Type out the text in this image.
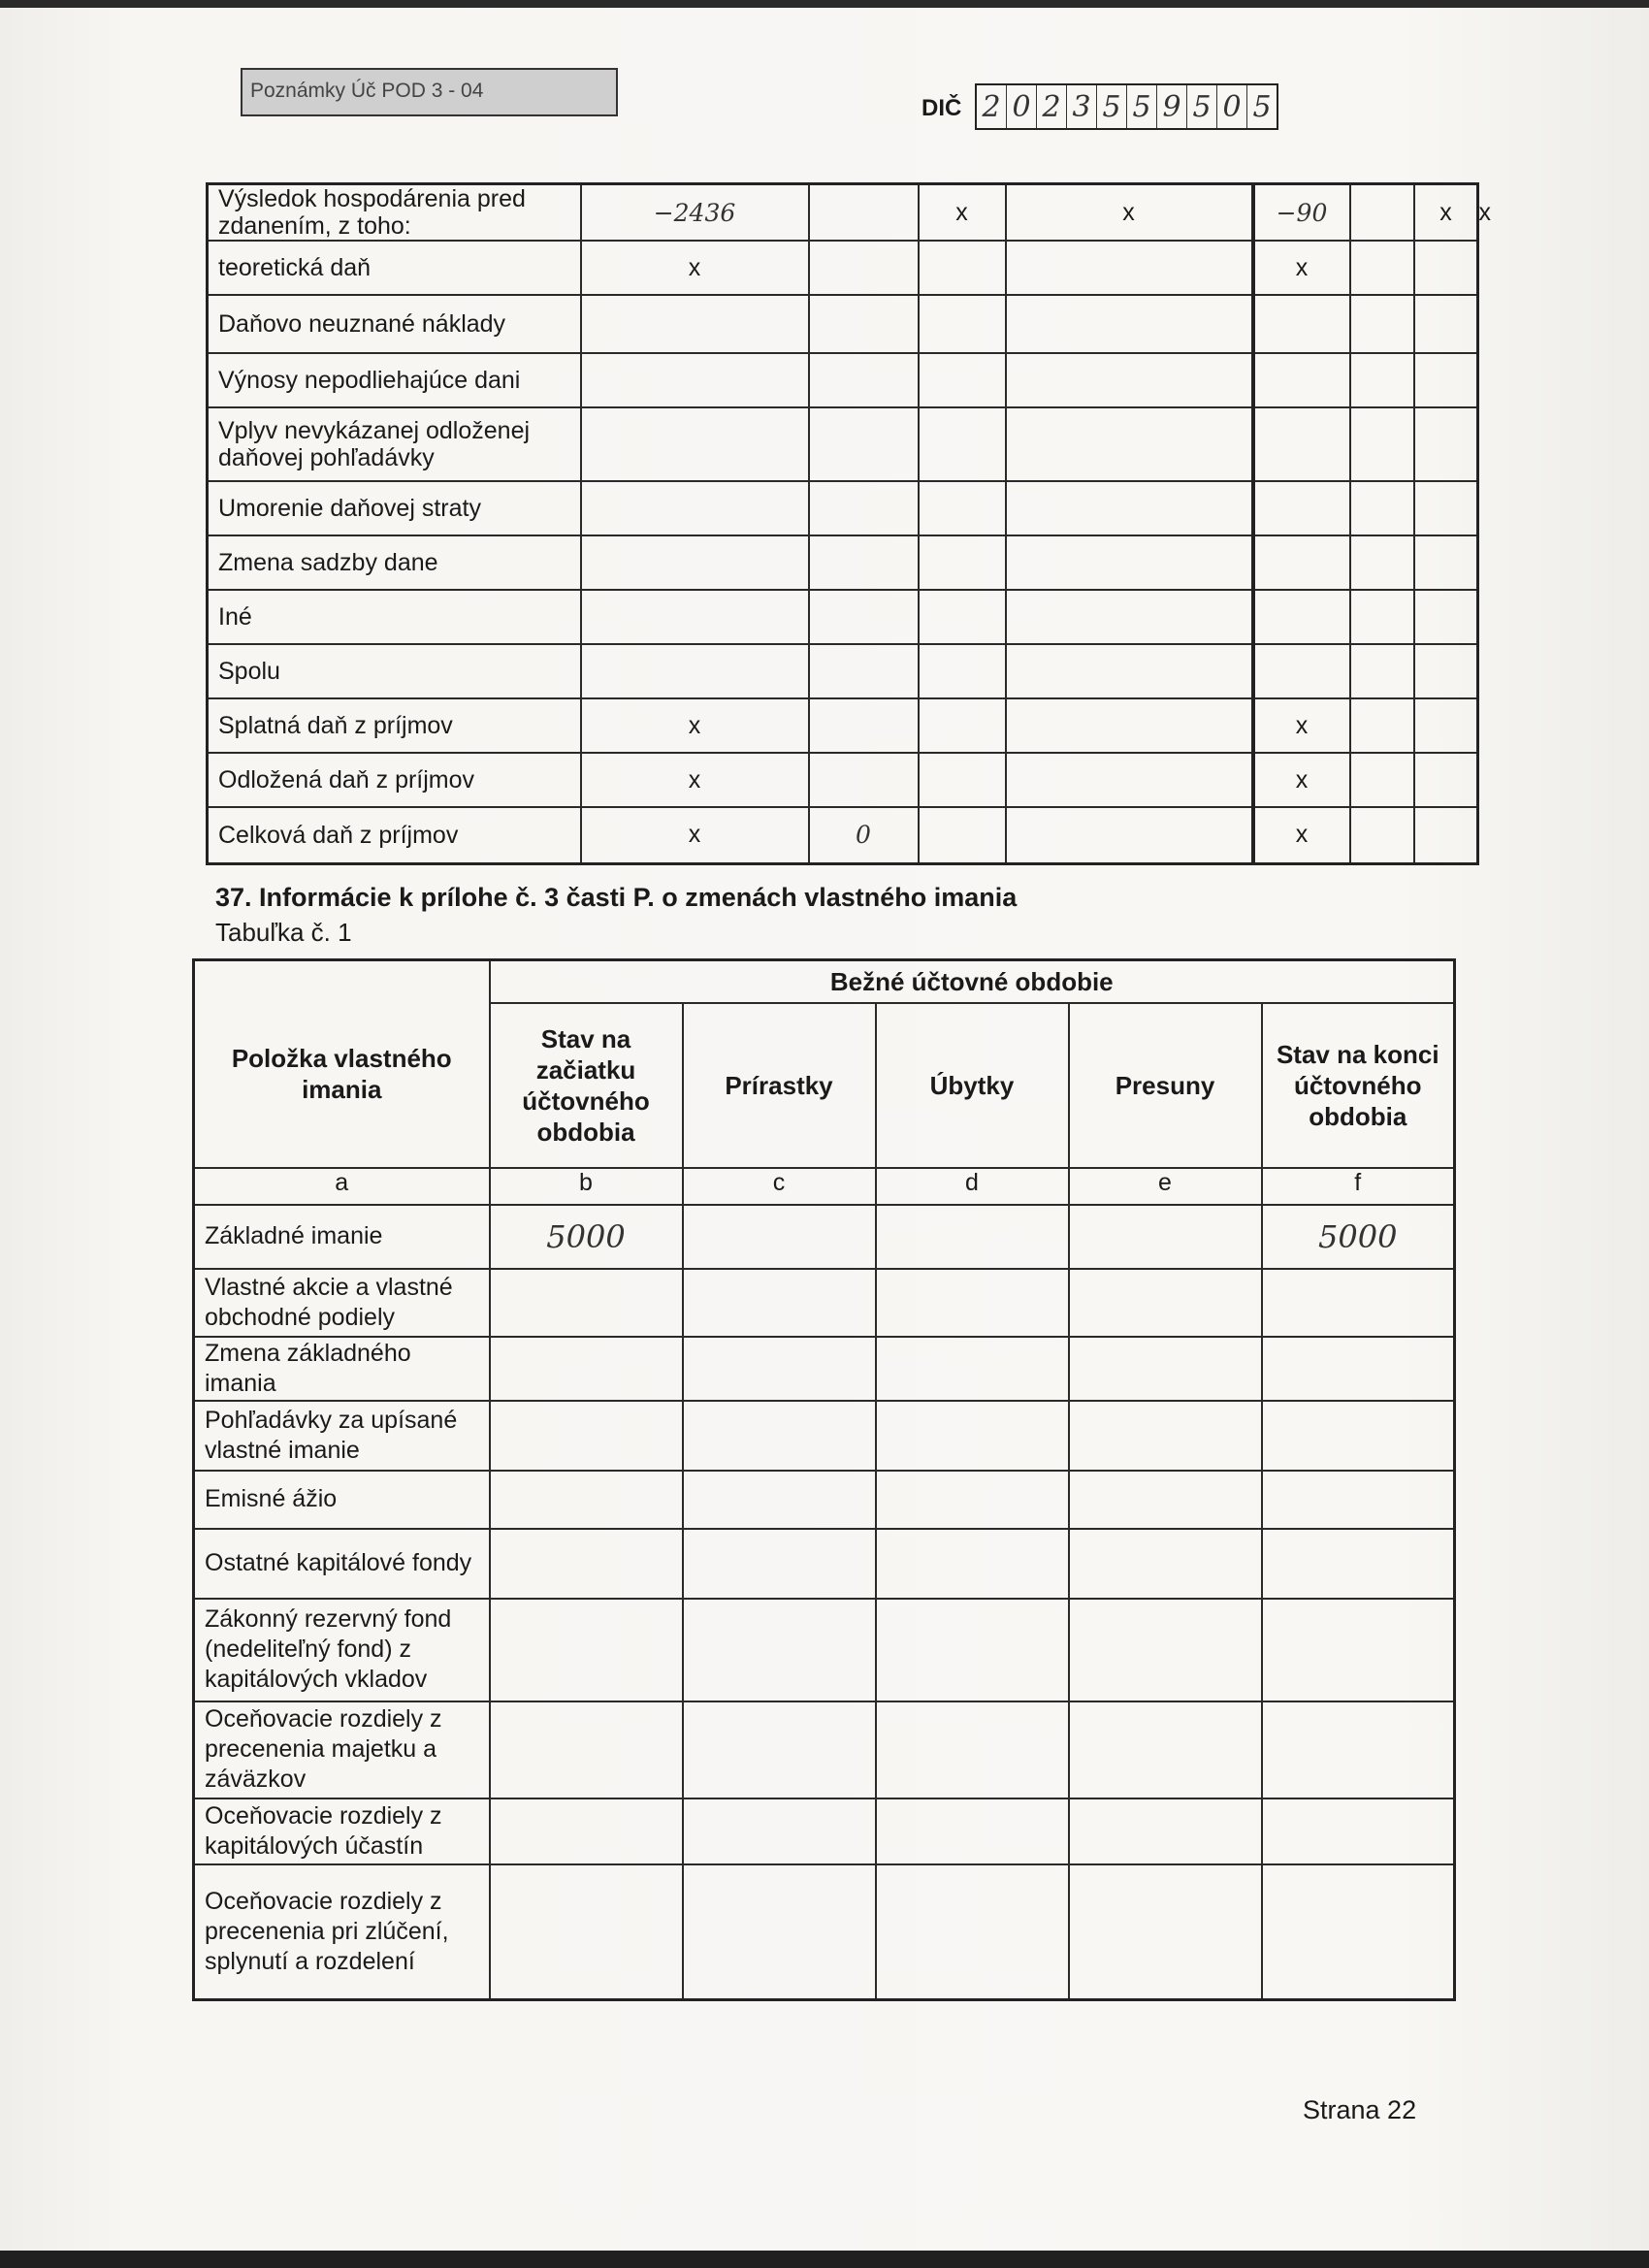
Poznámky Úč POD 3 - 04
DIČ 2 0 2 3 5 5 9 5 0 5
Výsledok hospodárenia pred zdanením, z toho:	−2436		x	x	−90		x	x
teoretická daň	x				x			
Daňovo neuznané náklady								
Výnosy nepodliehajúce dani								
Vplyv nevykázanej odloženej daňovej pohľadávky								
Umorenie daňovej straty								
Zmena sadzby dane								
Iné								
Spolu								
Splatná daň z príjmov	x				x			
Odložená daň z príjmov	x				x			
Celková daň z príjmov	x	0			x			
37. Informácie k prílohe č. 3 časti P. o zmenách vlastného imania
Tabuľka č. 1
Položka vlastného imania	Bežné účtovné obdobie				
	Stav na začiatku účtovného obdobia	Prírastky	Úbytky	Presuny	Stav na konci účtovného obdobia
a	b	c	d	e	f
Základné imanie	5000				5000
Vlastné akcie a vlastné obchodné podiely					
Zmena základného imania					
Pohľadávky za upísané vlastné imanie					
Emisné ážio					
Ostatné kapitálové fondy					
Zákonný rezervný fond (nedeliteľný fond) z kapitálových vkladov					
Oceňovacie rozdiely z precenenia majetku a záväzkov					
Oceňovacie rozdiely z kapitálových účastín					
Oceňovacie rozdiely z precenenia pri zlúčení, splynutí a rozdelení					
Strana 22
